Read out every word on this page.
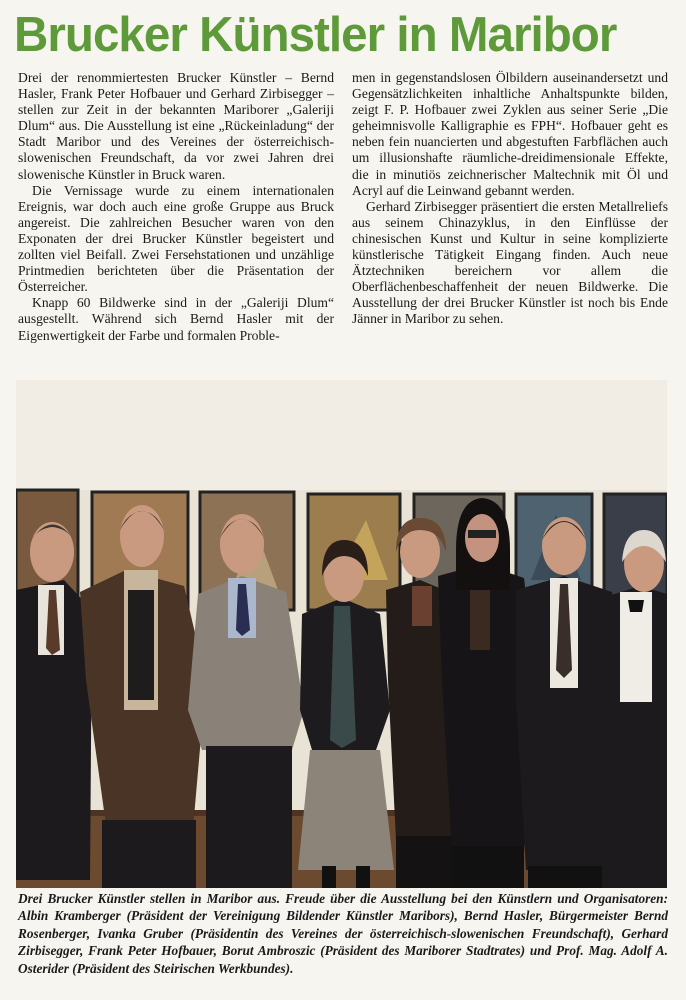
Brucker Künstler in Maribor

Drei der renommiertesten Brucker Künstler – Bernd Hasler, Frank Peter Hofbauer und Gerhard Zirbisegger – stellen zur Zeit in der bekannten Mariborer „Galeriji Dlum“ aus. Die Ausstellung ist eine „Rückeinladung“ der Stadt Maribor und des Vereines der österreichisch-slowenischen Freundschaft, da vor zwei Jahren drei slowenische Künstler in Bruck waren.

Die Vernissage wurde zu einem internationalen Ereignis, war doch auch eine große Gruppe aus Bruck angereist. Die zahlreichen Besucher waren von den Exponaten der drei Brucker Künstler begeistert und zollten viel Beifall. Zwei Fersehstationen und unzählige Printmedien berichteten über die Präsentation der Österreicher.

Knapp 60 Bildwerke sind in der „Galeriji Dlum“ ausgestellt. Während sich Bernd Hasler mit der Eigenwertigkeit der Farbe und formalen Proble-

men in gegenstandslosen Ölbildern auseinandersetzt und Gegensätzlichkeiten inhaltliche Anhaltspunkte bilden, zeigt F. P. Hofbauer zwei Zyklen aus seiner Serie „Die geheimnisvolle Kalligraphie es FPH“. Hofbauer geht es neben fein nuancierten und abgestuften Farbflächen auch um illusionshafte räumliche-dreidimensionale Effekte, die in minutiös zeichnerischer Maltechnik mit Öl und Acryl auf die Leinwand gebannt werden.

Gerhard Zirbisegger präsentiert die ersten Metallreliefs aus seinem Chinazyklus, in den Einflüsse der chinesischen Kunst und Kultur in seine komplizierte künstlerische Tätigkeit Eingang finden. Auch neue Ätztechniken bereichern vor allem die Oberflächenbeschaffenheit der neuen Bildwerke. Die Ausstellung der drei Brucker Künstler ist noch bis Ende Jänner in Maribor zu sehen.

Drei Brucker Künstler stellen in Maribor aus. Freude über die Ausstellung bei den Künstlern und Organisatoren: Albin Kramberger (Präsident der Vereinigung Bildender Künstler Maribors), Bernd Hasler, Bürgermeister Bernd Rosenberger, Ivanka Gruber (Präsidentin des Vereines der österreichisch-slowenischen Freundschaft), Gerhard Zirbisegger, Frank Peter Hofbauer, Borut Ambroszic (Präsident des Mariborer Stadtrates) und Prof. Mag. Adolf A. Osterider (Präsident des Steirischen Werkbundes).
